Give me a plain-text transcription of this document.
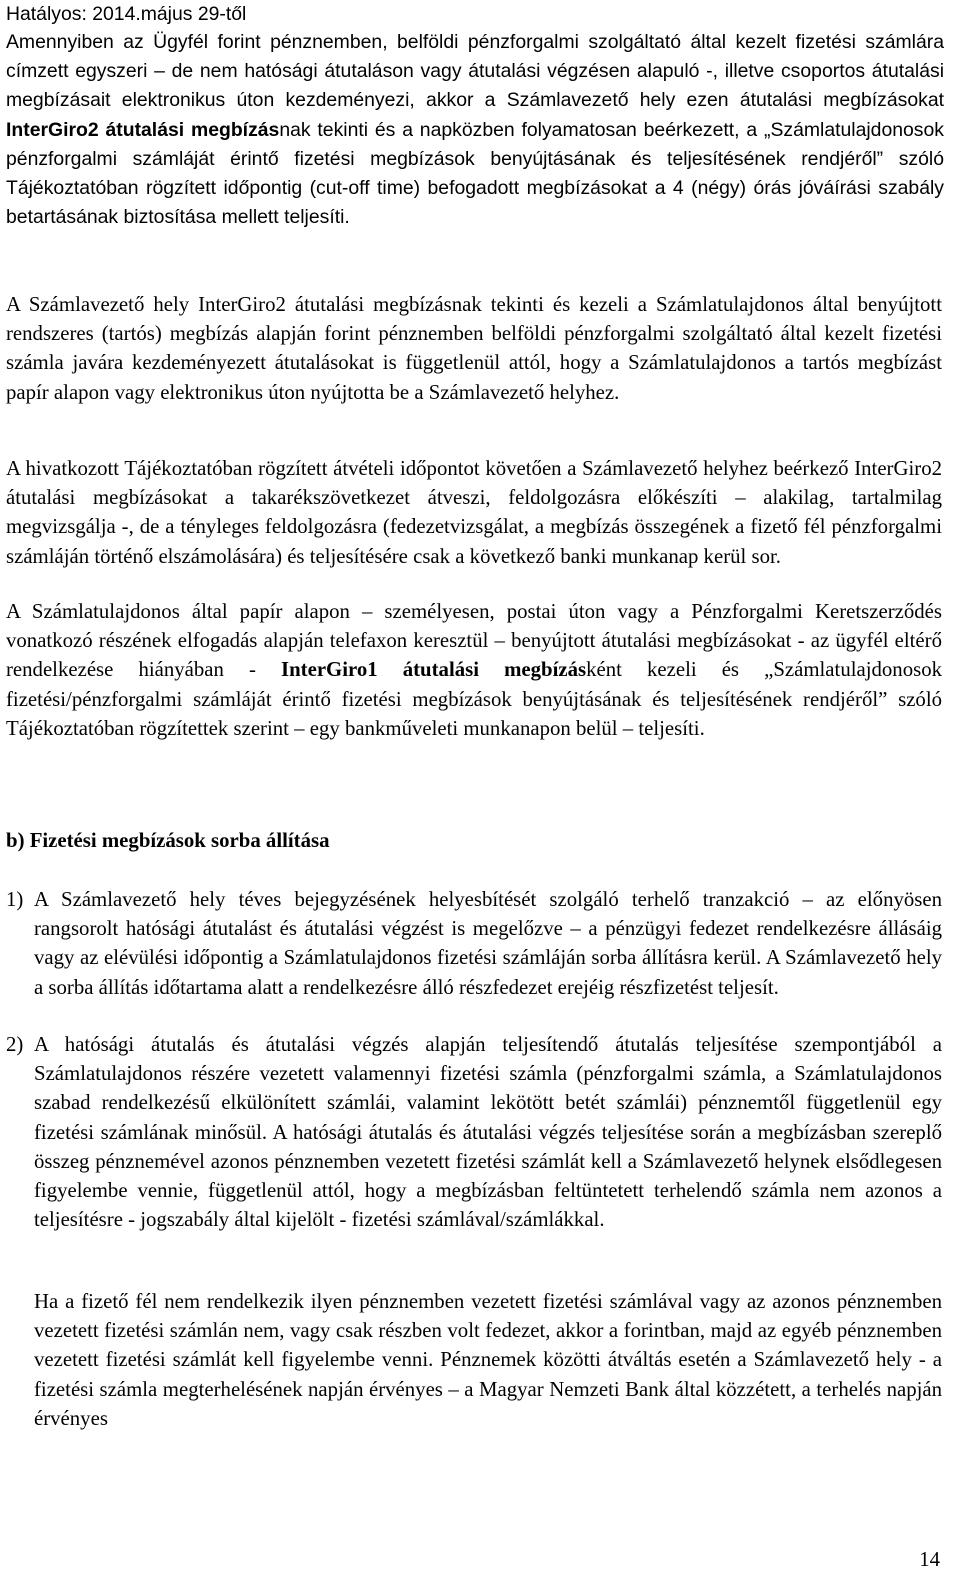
Hatályos: 2014.május 29-től

Amennyiben az Ügyfél forint pénznemben, belföldi pénzforgalmi szolgáltató által kezelt fizetési számlára címzett egyszeri – de nem hatósági átutaláson vagy átutalási végzésen alapuló -, illetve csoportos átutalási megbízásait elektronikus úton kezdeményezi, akkor a Számlavezető hely ezen átutalási megbízásokat InterGiro2 átutalási megbízásnak tekinti és a napközben folyamatosan beérkezett, a „Számlatulajdonosok pénzforgalmi számláját érintő fizetési megbízások benyújtásának és teljesítésének rendjéről” szóló Tájékoztatóban rögzített időpontig (cut-off time) befogadott megbízásokat a 4 (négy) órás jóváírási szabály betartásának biztosítása mellett teljesíti.

A Számlavezető hely InterGiro2 átutalási megbízásnak tekinti és kezeli a Számlatulajdonos által benyújtott rendszeres (tartós) megbízás alapján forint pénznemben belföldi pénzforgalmi szolgáltató által kezelt fizetési számla javára kezdeményezett átutalásokat is függetlenül attól, hogy a Számlatulajdonos a tartós megbízást papír alapon vagy elektronikus úton nyújtotta be a Számlavezető helyhez.

A hivatkozott Tájékoztatóban rögzített átvételi időpontot követően a Számlavezető helyhez beérkező InterGiro2 átutalási megbízásokat a takarékszövetkezet átveszi, feldolgozásra előkészíti – alakilag, tartalmilag megvizsgálja -, de a tényleges feldolgozásra (fedezetvizsgálat, a megbízás összegének a fizető fél pénzforgalmi számláján történő elszámolására) és teljesítésére csak a következő banki munkanap kerül sor.

A Számlatulajdonos által papír alapon – személyesen, postai úton vagy a Pénzforgalmi Keretszerződés vonatkozó részének elfogadás alapján telefaxon keresztül – benyújtott átutalási megbízásokat - az ügyfél eltérő rendelkezése hiányában - InterGiro1 átutalási megbízásként kezeli és „Számlatulajdonosok fizetési/pénzforgalmi számláját érintő fizetési megbízások benyújtásának és teljesítésének rendjéről” szóló Tájékoztatóban rögzítettek szerint – egy bankműveleti munkanapon belül – teljesíti.

b) Fizetési megbízások sorba állítása
1) A Számlavezető hely téves bejegyzésének helyesbítését szolgáló terhelő tranzakció – az előnyösen rangsorolt hatósági átutalást és átutalási végzést is megelőzve – a pénzügyi fedezet rendelkezésre állásáig vagy az elévülési időpontig a Számlatulajdonos fizetési számláján sorba állításra kerül. A Számlavezető hely a sorba állítás időtartama alatt a rendelkezésre álló részfedezet erejéig részfizetést teljesít.

2) A hatósági átutalás és átutalási végzés alapján teljesítendő átutalás teljesítése szempontjából a Számlatulajdonos részére vezetett valamennyi fizetési számla (pénzforgalmi számla, a Számlatulajdonos szabad rendelkezésű elkülönített számlái, valamint lekötött betét számlái) pénznemtől függetlenül egy fizetési számlának minősül. A hatósági átutalás és átutalási végzés teljesítése során a megbízásban szereplő összeg pénznemével azonos pénznemben vezetett fizetési számlát kell a Számlavezető helynek elsődlegesen figyelembe vennie, függetlenül attól, hogy a megbízásban feltüntetett terhelendő számla nem azonos a teljesítésre - jogszabály által kijelölt - fizetési számlával/számlákkal.

Ha a fizető fél nem rendelkezik ilyen pénznemben vezetett fizetési számlával vagy az azonos pénznemben vezetett fizetési számlán nem, vagy csak részben volt fedezet, akkor a forintban, majd az egyéb pénznemben vezetett fizetési számlát kell figyelembe venni. Pénznemek közötti átváltás esetén a Számlavezető hely - a fizetési számla megterhelésének napján érvényes – a Magyar Nemzeti Bank által közzétett, a terhelés napján érvényes

14
